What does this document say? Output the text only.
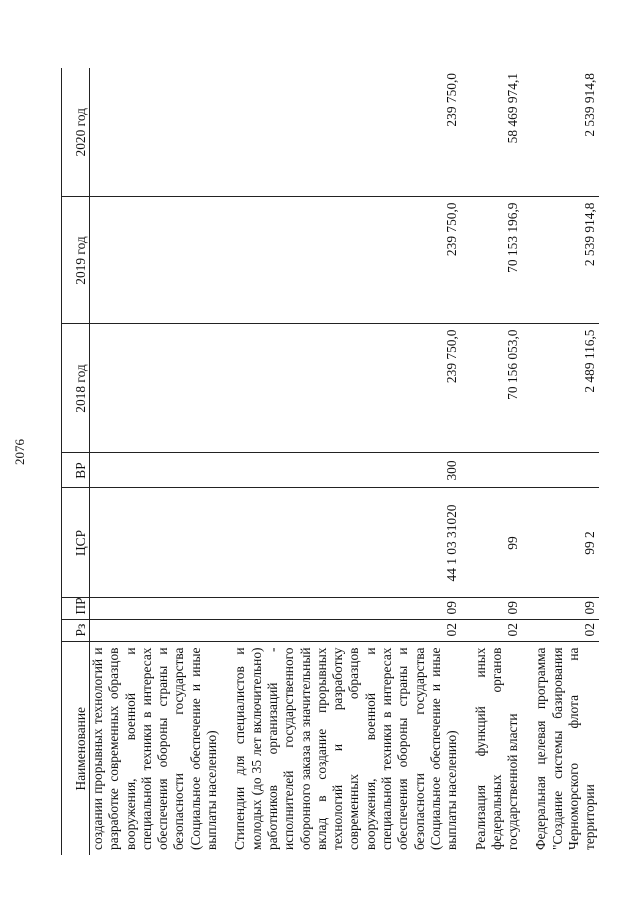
2076
Наименование	Рз	ПР	ЦСР	ВР	2018 год	2019 год	2020 год
создании прорывных технологий и разработке современных образцов вооружения, военной и специальной техники в интересах обеспечения обороны страны и безопасности государства (Социальное обеспечение и иные выплаты населению)							

Стипендии для специалистов и молодых (до 35 лет включительно) работников организаций - исполнителей государственного оборонного заказа за значительный вклад в создание прорывных технологий и разработку современных образцов вооружения, военной и специальной техники в интересах обеспечения обороны страны и безопасности государства (Социальное обеспечение и иные выплаты населению)	02	09	44 1 03 31020	300	239 750,0	239 750,0	239 750,0

Реализация функций иных федеральных органов государственной власти	02	09	99		70 156 053,0	70 153 196,9	58 469 974,1

Федеральная целевая программа "Создание системы базирования Черноморского флота на территории	02	09	99 2		2 489 116,5	2 539 914,8	2 539 914,8
